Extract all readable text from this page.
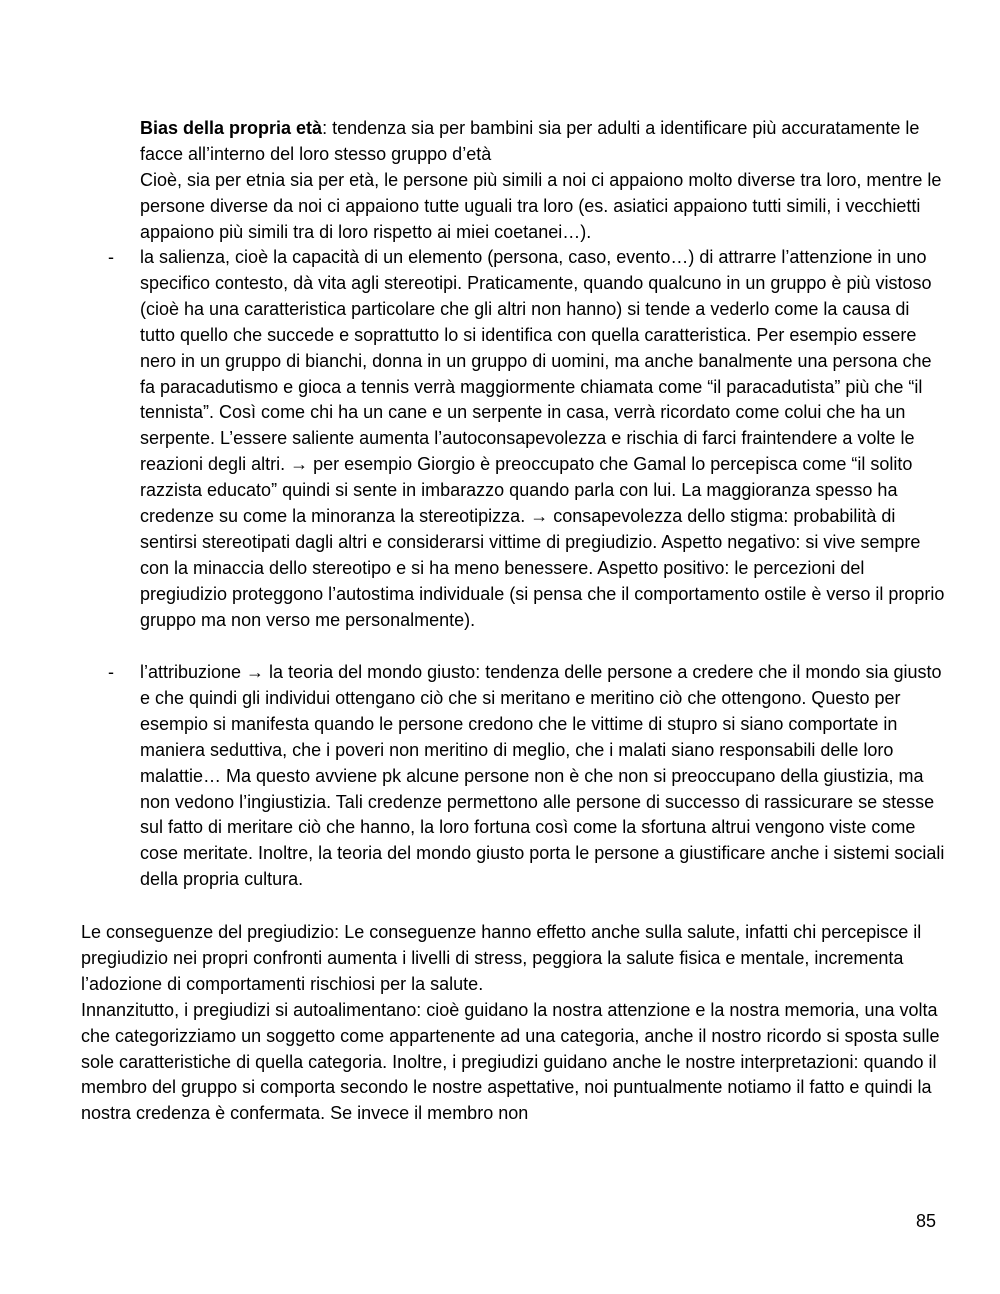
Bias della propria età: tendenza sia per bambini sia per adulti a identificare più accuratamente le facce all’interno del loro stesso gruppo d’età

Cioè, sia per etnia sia per età, le persone più simili a noi ci appaiono molto diverse tra loro, mentre le persone diverse da noi ci appaiono tutte uguali tra loro (es. asiatici appaiono tutti simili, i vecchietti appaiono più simili tra di loro rispetto ai miei coetanei…).

-	la salienza, cioè la capacità di un elemento (persona, caso, evento…) di attrarre l’attenzione in uno specifico contesto, dà vita agli stereotipi. Praticamente, quando qualcuno in un gruppo è più vistoso (cioè ha una caratteristica particolare che gli altri non hanno) si tende a vederlo come la causa di tutto quello che succede e soprattutto lo si identifica con quella caratteristica. Per esempio essere nero in un gruppo di bianchi, donna in un gruppo di uomini, ma anche banalmente una persona che fa paracadutismo e gioca a tennis verrà maggiormente chiamata come “il paracadutista” più che “il tennista”. Così come chi ha un cane e un serpente in casa, verrà ricordato come colui che ha un serpente. L’essere saliente aumenta l’autoconsapevolezza e rischia di farci fraintendere a volte le reazioni degli altri. → per esempio Giorgio è preoccupato che Gamal lo percepisca come “il solito razzista educato” quindi si sente in imbarazzo quando parla con lui. La maggioranza spesso ha credenze su come la minoranza la stereotipizza. → consapevolezza dello stigma: probabilità di sentirsi stereotipati dagli altri e considerarsi vittime di pregiudizio. Aspetto negativo: si vive sempre con la minaccia dello stereotipo e si ha meno benessere. Aspetto positivo: le percezioni del pregiudizio proteggono l’autostima individuale (si pensa che il comportamento ostile è verso il proprio gruppo ma non verso me personalmente).

-	l’attribuzione → la teoria del mondo giusto: tendenza delle persone a credere che il mondo sia giusto e che quindi gli individui ottengano ciò che si meritano e meritino ciò che ottengono. Questo per esempio si manifesta quando le persone credono che le vittime di stupro si siano comportate in maniera seduttiva, che i poveri non meritino di meglio, che i malati siano responsabili delle loro malattie… Ma questo avviene pk alcune persone non è che non si preoccupano della giustizia, ma non vedono l’ingiustizia. Tali credenze permettono alle persone di successo di rassicurare se stesse sul fatto di meritare ciò che hanno, la loro fortuna così come la sfortuna altrui vengono viste come cose meritate. Inoltre, la teoria del mondo giusto porta le persone a giustificare anche i sistemi sociali della propria cultura.

Le conseguenze del pregiudizio: Le conseguenze hanno effetto anche sulla salute, infatti chi percepisce il pregiudizio nei propri confronti aumenta i livelli di stress, peggiora la salute fisica e mentale, incrementa l’adozione di comportamenti rischiosi per la salute.

Innanzitutto, i pregiudizi si autoalimentano: cioè guidano la nostra attenzione e la nostra memoria, una volta che categorizziamo un soggetto come appartenente ad una categoria, anche il nostro ricordo si sposta sulle sole caratteristiche di quella categoria. Inoltre, i pregiudizi guidano anche le nostre interpretazioni: quando il membro del gruppo si comporta secondo le nostre aspettative, noi puntualmente notiamo il fatto e quindi la nostra credenza è confermata. Se invece il membro non

85
